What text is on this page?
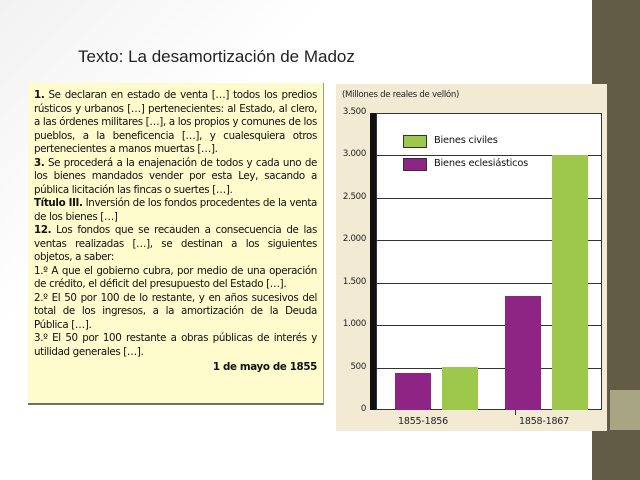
Texto: La desamortización de Madoz

1. Se declaran en estado de venta […] todos los predios rústicos y urbanos […] pertenecientes: al Estado, al clero, a las órdenes militares […], a los propios y comunes de los pueblos, a la beneficencia […], y cualesquiera otros pertenecientes a manos muertas […].

3. Se procederá a la enajenación de todos y cada uno de los bienes mandados vender por esta Ley, sacando a pública licitación las fincas o suertes […].

Título III. Inversión de los fondos procedentes de la venta de los bienes […]

12. Los fondos que se recauden a consecuencia de las ventas realizadas […], se destinan a los siguientes objetos, a saber:

1.º A que el gobierno cubra, por medio de una operación de crédito, el déficit del presupuesto del Estado […].

2.º El 50 por 100 de lo restante, y en años sucesivos del total de los ingresos, a la amortización de la Deuda Pública […].

3.º El 50 por 100 restante a obras públicas de interés y utilidad generales […].

1 de mayo de 1855

(Millones de reales de vellón)
0
500
1.000
1.500
2.000
2.500
3.000
3.500
1855-1856	1858-1867
Bienes civiles
Bienes eclesiásticos
